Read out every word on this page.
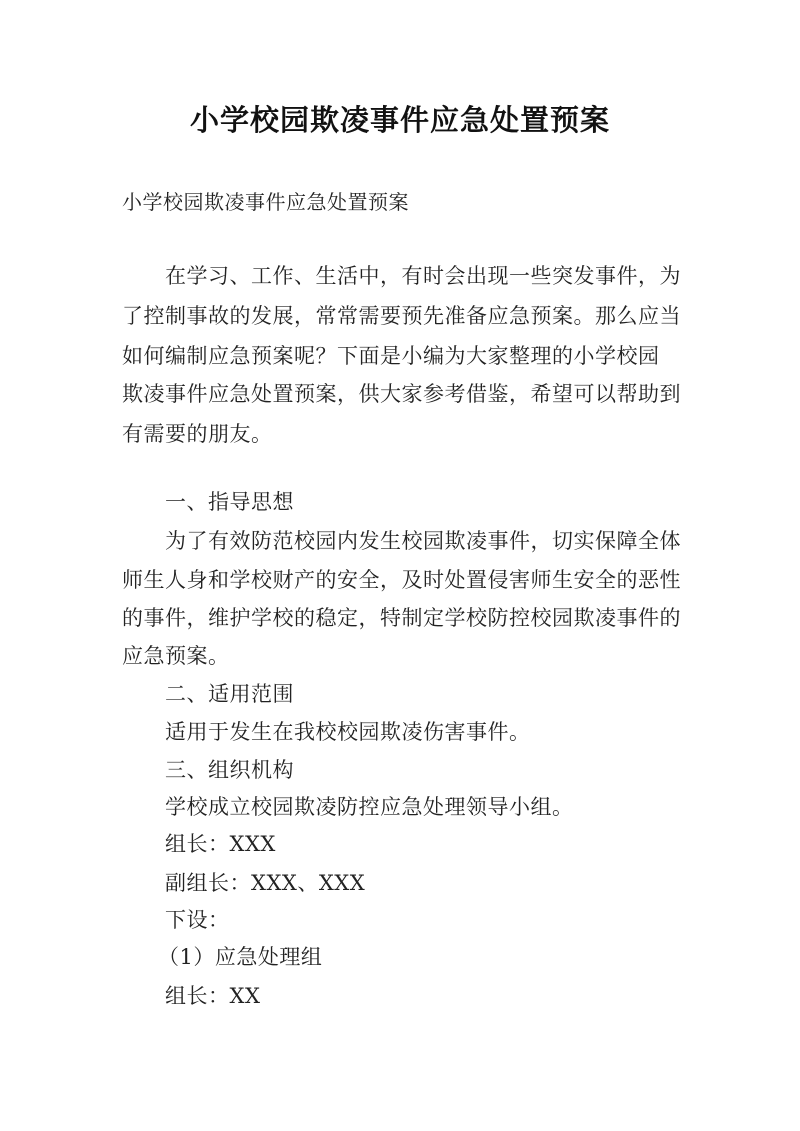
小学校园欺凌事件应急处置预案
小学校园欺凌事件应急处置预案
在学习、工作、生活中，有时会出现一些突发事件，为
了控制事故的发展，常常需要预先准备应急预案。那么应当
如何编制应急预案呢？下面是小编为大家整理的小学校园
欺凌事件应急处置预案，供大家参考借鉴，希望可以帮助到
有需要的朋友。
一、指导思想
为了有效防范校园内发生校园欺凌事件，切实保障全体
师生人身和学校财产的安全，及时处置侵害师生安全的恶性
的事件，维护学校的稳定，特制定学校防控校园欺凌事件的
应急预案。
二、适用范围
适用于发生在我校校园欺凌伤害事件。
三、组织机构
学校成立校园欺凌防控应急处理领导小组。
组长：XXX
副组长：XXX、XXX
下设：
（1）应急处理组
组长：XX
